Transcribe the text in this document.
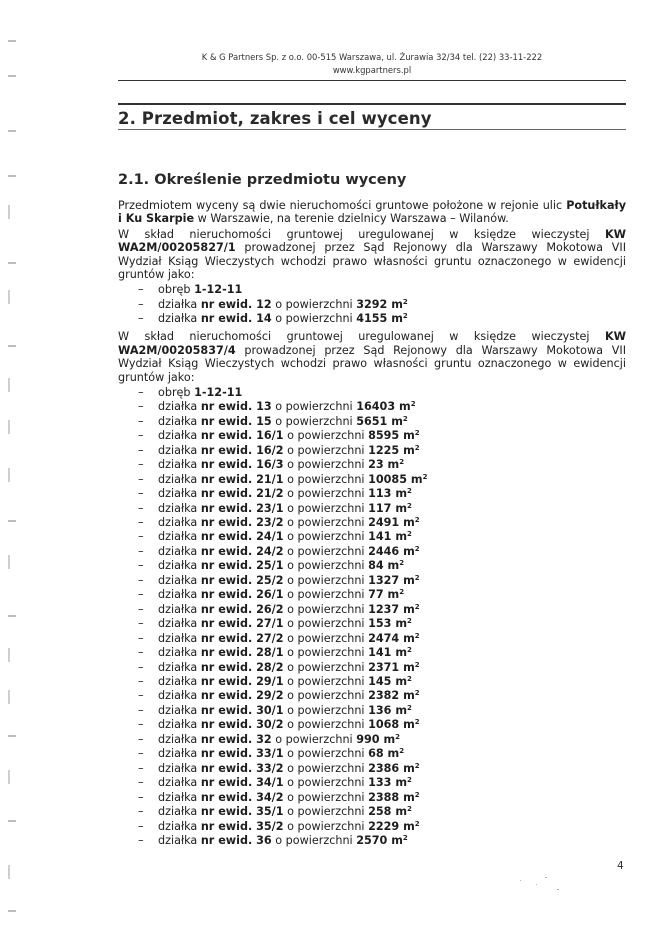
K & G Partners Sp. z o.o. 00-515 Warszawa, ul. Żurawia 32/34 tel. (22) 33-11-222
www.kgpartners.pl
2. Przedmiot, zakres i cel wyceny
2.1. Określenie przedmiotu wyceny

Przedmiotem wyceny są dwie nieruchomości gruntowe położone w rejonie ulic Potułkały i Ku Skarpie w Warszawie, na terenie dzielnicy Warszawa – Wilanów.

W skład nieruchomości gruntowej uregulowanej w księdze wieczystej KW WA2M/00205827/1 prowadzonej przez Sąd Rejonowy dla Warszawy Mokotowa VII Wydział Ksiąg Wieczystych wchodzi prawo własności gruntu oznaczonego w ewidencji gruntów jako:

– obręb 1-12-11
– działka nr ewid. 12 o powierzchni 3292 $m^2$
– działka nr ewid. 14 o powierzchni 4155 $m^2$

W skład nieruchomości gruntowej uregulowanej w księdze wieczystej KW WA2M/00205837/4 prowadzonej przez Sąd Rejonowy dla Warszawy Mokotowa VII Wydział Ksiąg Wieczystych wchodzi prawo własności gruntu oznaczonego w ewidencji gruntów jako:

– obręb 1-12-11
– działka nr ewid. 13 o powierzchni 16403 $m^2$
– działka nr ewid. 15 o powierzchni 5651 $m^2$
– działka nr ewid. 16/1 o powierzchni 8595 $m^2$
– działka nr ewid. 16/2 o powierzchni 1225 $m^2$
– działka nr ewid. 16/3 o powierzchni 23 $m^2$
– działka nr ewid. 21/1 o powierzchni 10085 $m^2$
– działka nr ewid. 21/2 o powierzchni 113 $m^2$
– działka nr ewid. 23/1 o powierzchni 117 $m^2$
– działka nr ewid. 23/2 o powierzchni 2491 $m^2$
– działka nr ewid. 24/1 o powierzchni 141 $m^2$
– działka nr ewid. 24/2 o powierzchni 2446 $m^2$
– działka nr ewid. 25/1 o powierzchni 84 $m^2$
– działka nr ewid. 25/2 o powierzchni 1327 $m^2$
– działka nr ewid. 26/1 o powierzchni 77 $m^2$
– działka nr ewid. 26/2 o powierzchni 1237 $m^2$
– działka nr ewid. 27/1 o powierzchni 153 $m^2$
– działka nr ewid. 27/2 o powierzchni 2474 $m^2$
– działka nr ewid. 28/1 o powierzchni 141 $m^2$
– działka nr ewid. 28/2 o powierzchni 2371 $m^2$
– działka nr ewid. 29/1 o powierzchni 145 $m^2$
– działka nr ewid. 29/2 o powierzchni 2382 $m^2$
– działka nr ewid. 30/1 o powierzchni 136 $m^2$
– działka nr ewid. 30/2 o powierzchni 1068 $m^2$
– działka nr ewid. 32 o powierzchni 990 $m^2$
– działka nr ewid. 33/1 o powierzchni 68 $m^2$
– działka nr ewid. 33/2 o powierzchni 2386 $m^2$
– działka nr ewid. 34/1 o powierzchni 133 $m^2$
– działka nr ewid. 34/2 o powierzchni 2388 $m^2$
– działka nr ewid. 35/1 o powierzchni 258 $m^2$
– działka nr ewid. 35/2 o powierzchni 2229 $m^2$
– działka nr ewid. 36 o powierzchni 2570 $m^2$
4
